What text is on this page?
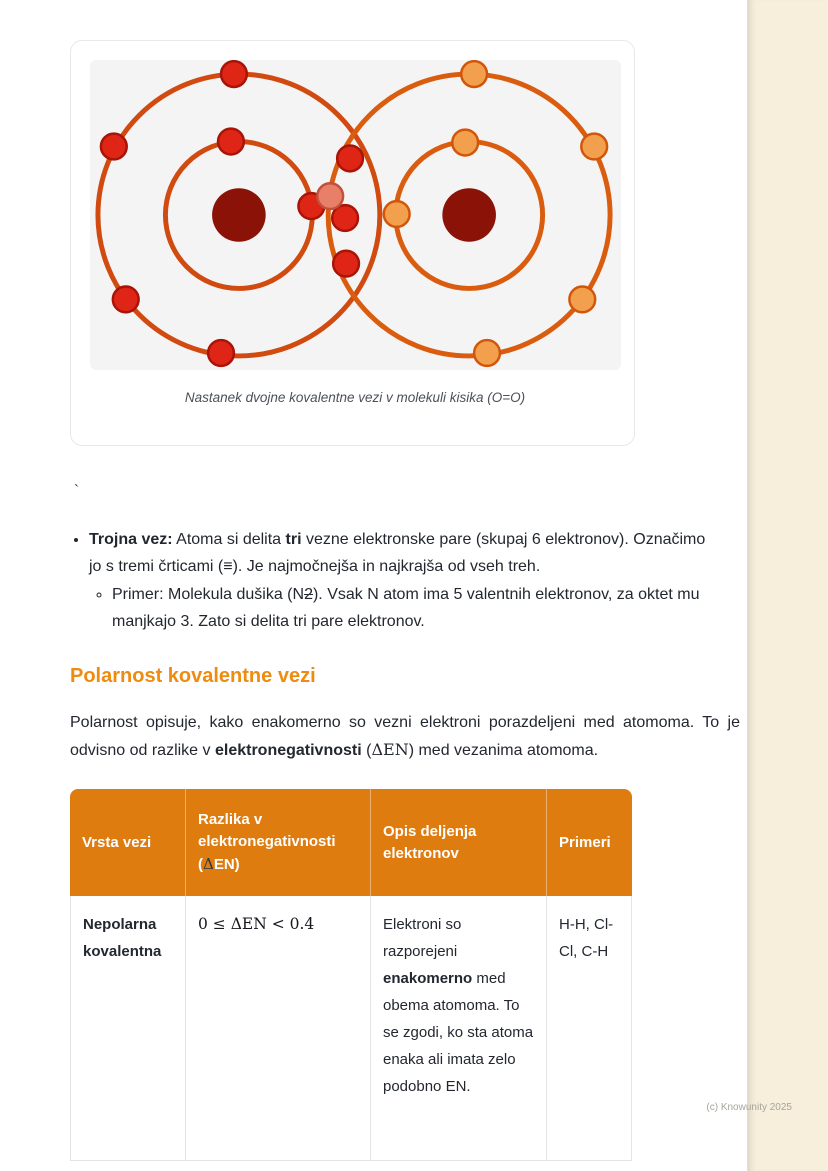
(c) Knowunity 2025
Nastanek dvojne kovalentne vezi v molekuli kisika (O=O)

`

• Trojna vez: Atoma si delita tri vezne elektronske pare (skupaj 6 elektronov). Označimo jo s tremi črticami (≡). Je najmočnejša in najkrajša od vseh treh.
◦ Primer: Molekula dušika (N2). Vsak N atom ima 5 valentnih elektronov, za oktet mu manjkajo 3. Zato si delita tri pare elektronov.
Polarnost kovalentne vezi

Polarnost opisuje, kako enakomerno so vezni elektroni porazdeljeni med atomoma. To je odvisno od razlike v elektronegativnosti (ΔEN) med vezanima atomoma.

Vrsta vezi	Razlika v elektronegativnosti (ΔEN)	Opis deljenja elektronov	Primeri
Nepolarna kovalentna	0 ≤ ΔEN < 0.4	Elektroni so razporejeni enakomerno med obema atomoma. To se zgodi, ko sta atoma enaka ali imata zelo podobno EN.	H-H, Cl-Cl, C-H
